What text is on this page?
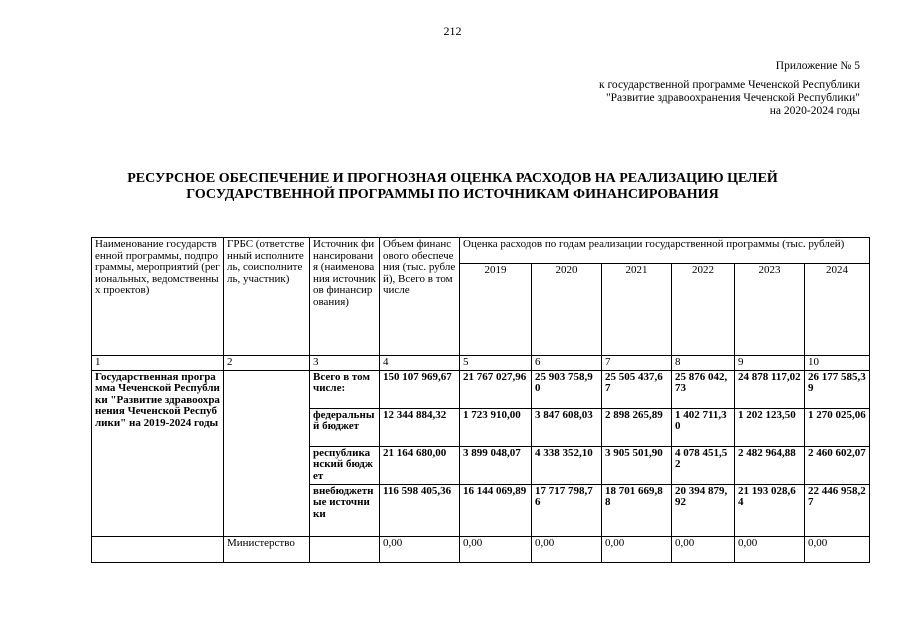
212
Приложение № 5
к государственной программе Чеченской Республики
"Развитие здравоохранения Чеченской Республики"
на 2020-2024 годы
РЕСУРСНОЕ ОБЕСПЕЧЕНИЕ И ПРОГНОЗНАЯ ОЦЕНКА РАСХОДОВ НА РЕАЛИЗАЦИЮ ЦЕЛЕЙ
ГОСУДАРСТВЕННОЙ ПРОГРАММЫ ПО ИСТОЧНИКАМ ФИНАНСИРОВАНИЯ
Наименование государственной программы, подпрограммы, мероприятий (региональных, ведомственных проектов)	ГРБС (ответственный исполнитель, соисполнитель, участник)	Источник финансирования (наименования источников финансирования)	Объем финансового обеспечения (тыс. рублей), Всего в том числе	Оценка расходов по годам реализации государственной программы (тыс. рублей)					
				2019	2020	2021	2022	2023	2024
1	2	3	4	5	6	7	8	9	10
Государственная программа Чеченской Республики "Развитие здравоохранения Чеченской Республики" на 2019-2024 годы		Всего в том числе:	150 107 969,67	21 767 027,96	25 903 758,90	25 505 437,67	25 876 042,73	24 878 117,02	26 177 585,39
		федеральный бюджет	12 344 884,32	1 723 910,00	3 847 608,03	2 898 265,89	1 402 711,30	1 202 123,50	1 270 025,06
		республиканский бюджет	21 164 680,00	3 899 048,07	4 338 352,10	3 905 501,90	4 078 451,52	2 482 964,88	2 460 602,07
		внебюджетные источники	116 598 405,36	16 144 069,89	17 717 798,76	18 701 669,88	20 394 879,92	21 193 028,64	22 446 958,27
	Министерство		0,00	0,00	0,00	0,00	0,00	0,00	0,00
